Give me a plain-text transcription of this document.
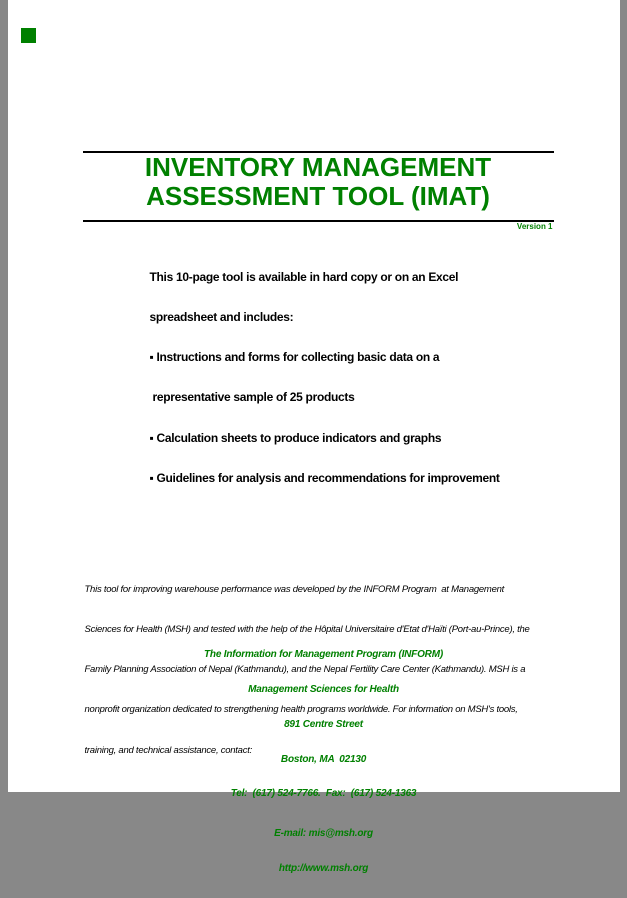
INVENTORY MANAGEMENT
ASSESSMENT TOOL (IMAT)
Version 1

This 10-page tool is available in hard copy or on an Excel

spreadsheet and includes:

▪ Instructions and forms for collecting basic data on a

representative sample of 25 products

▪ Calculation sheets to produce indicators and graphs

▪ Guidelines for analysis and recommendations for improvement

This tool for improving warehouse performance was developed by the INFORM Program  at Management

Sciences for Health (MSH) and tested with the help of the Hôpital Universitaire d'Etat d'Haïti (Port-au-Prince), the

Family Planning Association of Nepal (Kathmandu), and the Nepal Fertility Care Center (Kathmandu). MSH is a

nonprofit organization dedicated to strengthening health programs worldwide. For information on MSH's tools,

training, and technical assistance, contact:

The Information for Management Program (INFORM)

Management Sciences for Health

891 Centre Street

Boston, MA  02130

Tel:  (617) 524-7766.  Fax:  (617) 524-1363

E-mail: mis@msh.org

http://www.msh.org
